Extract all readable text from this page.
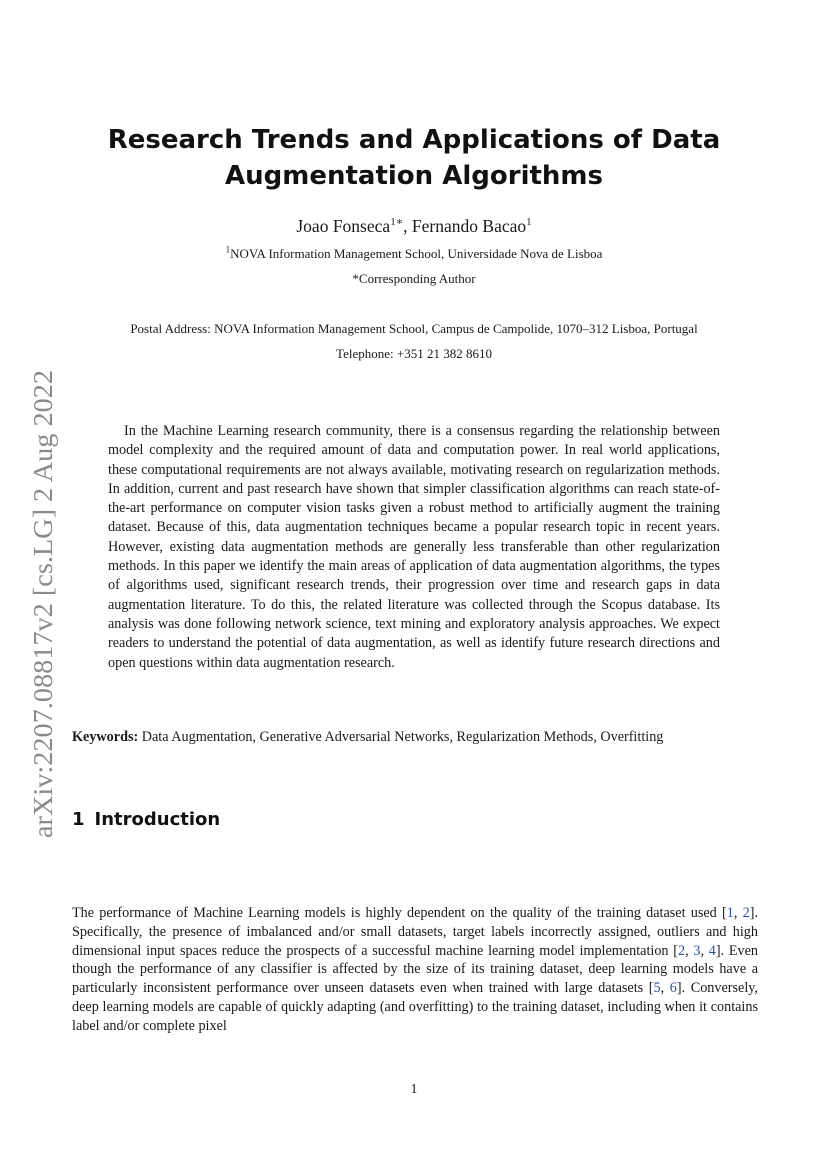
arXiv:2207.08817v2 [cs.LG] 2 Aug 2022
Research Trends and Applications of Data Augmentation Algorithms
Joao Fonseca$^{1∗}$, Fernando Bacao$^1$
$^1$NOVA Information Management School, Universidade Nova de Lisboa
*Corresponding Author
Postal Address: NOVA Information Management School, Campus de Campolide, 1070–312 Lisboa, Portugal
Telephone: +351 21 382 8610
In the Machine Learning research community, there is a consensus regarding the relationship between model complexity and the required amount of data and computation power. In real world applications, these computational requirements are not always available, motivating research on regularization methods. In addition, current and past research have shown that simpler classification algorithms can reach state-of-the-art performance on computer vision tasks given a robust method to artificially augment the training dataset. Because of this, data augmentation techniques became a popular research topic in recent years. However, existing data augmentation methods are generally less transferable than other regularization methods. In this paper we identify the main areas of application of data augmentation algorithms, the types of algorithms used, significant research trends, their progression over time and research gaps in data augmentation literature. To do this, the related literature was collected through the Scopus database. Its analysis was done following network science, text mining and exploratory analysis approaches. We expect readers to understand the potential of data augmentation, as well as identify future research directions and open questions within data augmentation research.
Keywords: Data Augmentation, Generative Adversarial Networks, Regularization Methods, Overfitting
1 Introduction
The performance of Machine Learning models is highly dependent on the quality of the training dataset used [1, 2]. Specifically, the presence of imbalanced and/or small datasets, target labels incorrectly assigned, outliers and high dimensional input spaces reduce the prospects of a successful machine learning model implementation [2, 3, 4]. Even though the performance of any classifier is affected by the size of its training dataset, deep learning models have a particularly inconsistent performance over unseen datasets even when trained with large datasets [5, 6]. Conversely, deep learning models are capable of quickly adapting (and overfitting) to the training dataset, including when it contains label and/or complete pixel
1
